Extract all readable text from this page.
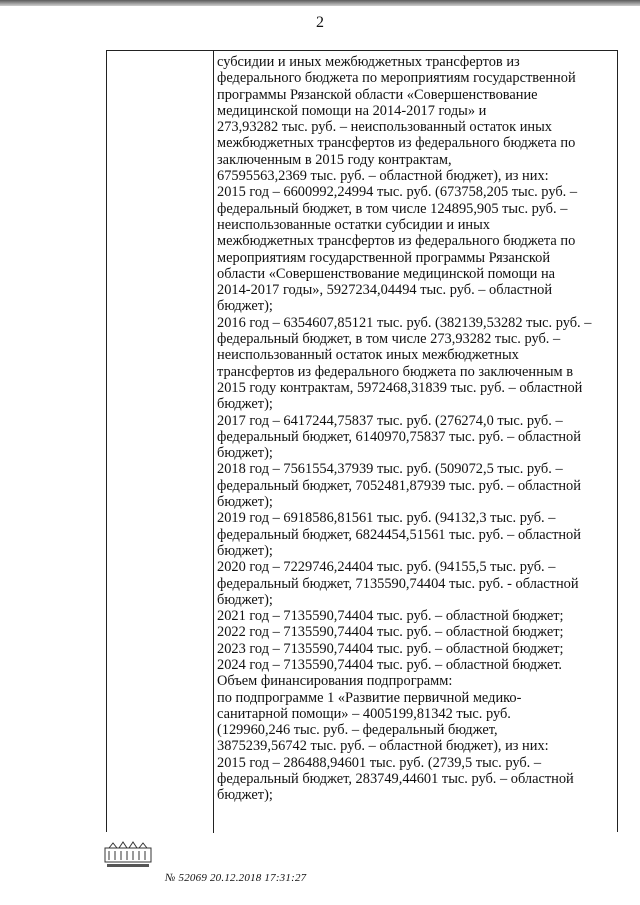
2
субсидии и иных межбюджетных трансфертов из
федерального бюджета по мероприятиям государственной
программы Рязанской области «Совершенствование
медицинской помощи на 2014-2017 годы» и
273,93282 тыс. руб. – неиспользованный остаток иных
межбюджетных трансфертов из федерального бюджета по
заключенным в 2015 году контрактам,
67595563,2369 тыс. руб. – областной бюджет), из них:
2015 год – 6600992,24994 тыс. руб. (673758,205 тыс. руб. –
федеральный бюджет, в том числе 124895,905 тыс. руб. –
неиспользованные остатки субсидии и иных
межбюджетных трансфертов из федерального бюджета по
мероприятиям государственной программы Рязанской
области «Совершенствование медицинской помощи на
2014-2017 годы», 5927234,04494 тыс. руб. – областной
бюджет);
2016 год – 6354607,85121 тыс. руб. (382139,53282 тыс. руб. –
федеральный бюджет, в том числе 273,93282 тыс. руб. –
неиспользованный остаток иных межбюджетных
трансфертов из федерального бюджета по заключенным в
2015 году контрактам, 5972468,31839 тыс. руб. – областной
бюджет);
2017 год – 6417244,75837 тыс. руб. (276274,0 тыс. руб. –
федеральный бюджет, 6140970,75837 тыс. руб. – областной
бюджет);
2018 год – 7561554,37939 тыс. руб. (509072,5 тыс. руб. –
федеральный бюджет, 7052481,87939 тыс. руб. – областной
бюджет);
2019 год – 6918586,81561 тыс. руб. (94132,3 тыс. руб. –
федеральный бюджет, 6824454,51561 тыс. руб. – областной
бюджет);
2020 год – 7229746,24404 тыс. руб. (94155,5 тыс. руб. –
федеральный бюджет, 7135590,74404 тыс. руб. - областной
бюджет);
2021 год – 7135590,74404 тыс. руб. – областной бюджет;
2022 год – 7135590,74404 тыс. руб. – областной бюджет;
2023 год – 7135590,74404 тыс. руб. – областной бюджет;
2024 год – 7135590,74404 тыс. руб. – областной бюджет.
Объем финансирования подпрограмм:
по подпрограмме 1 «Развитие первичной медико-
санитарной помощи» – 4005199,81342 тыс. руб.
(129960,246 тыс. руб. – федеральный бюджет,
3875239,56742 тыс. руб. – областной бюджет), из них:
2015 год – 286488,94601 тыс. руб. (2739,5 тыс. руб. –
федеральный бюджет, 283749,44601 тыс. руб. – областной
бюджет);
№ 52069 20.12.2018 17:31:27
